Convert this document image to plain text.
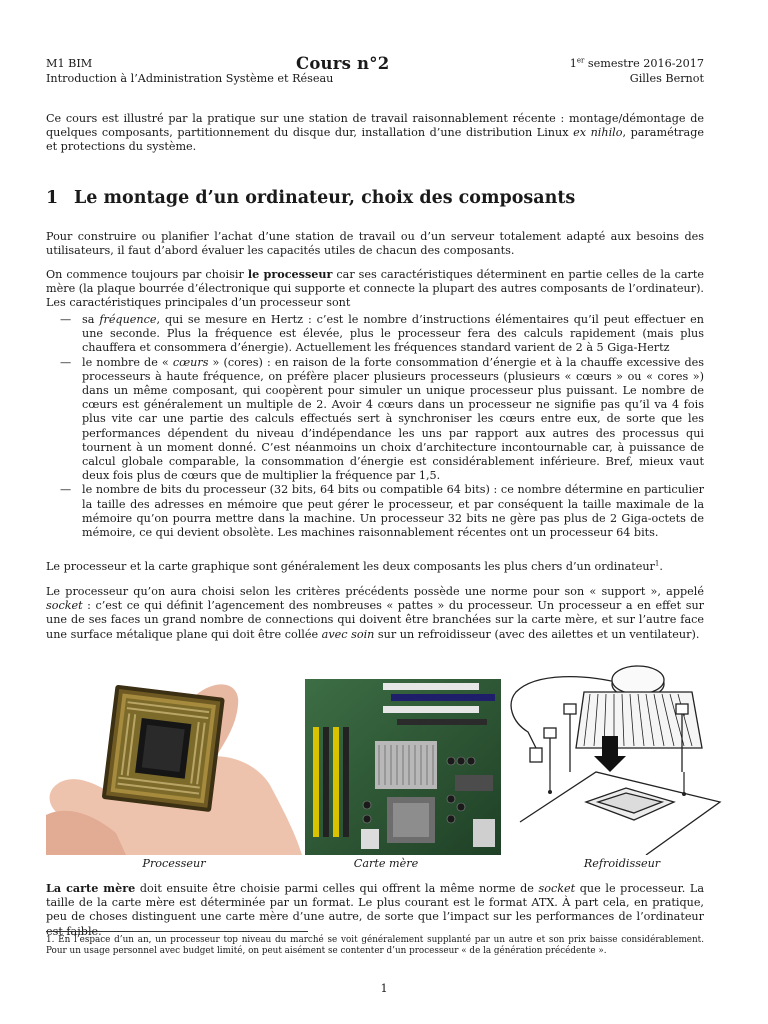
M1 BIM
Introduction à l’Administration Système et Réseau
Cours n°2	1er semestre 2016-2017
Gilles Bernot

Ce cours est illustré par la pratique sur une station de travail raisonnablement récente : montage/démontage de quelques composants, partitionnement du disque dur, installation d’une distribution Linux ex nihilo, paramétrage et protections du système.

1 Le montage d’un ordinateur, choix des composants

Pour construire ou planifier l’achat d’une station de travail ou d’un serveur totalement adapté aux besoins des utilisateurs, il faut d’abord évaluer les capacités utiles de chacun des composants.

On commence toujours par choisir le processeur car ses caractéristiques déterminent en partie celles de la carte mère (la plaque bourrée d’électronique qui supporte et connecte la plupart des autres composants de l’ordinateur). Les caractéristiques principales d’un processeur sont

— sa fréquence, qui se mesure en Hertz : c’est le nombre d’instructions élémentaires qu’il peut effectuer en une seconde. Plus la fréquence est élevée, plus le processeur fera des calculs rapidement (mais plus chauffera et consommera d’énergie). Actuellement les fréquences standard varient de 2 à 5 Giga-Hertz
— le nombre de « cœurs » (cores) : en raison de la forte consommation d’énergie et à la chauffe excessive des processeurs à haute fréquence, on préfère placer plusieurs processeurs (plusieurs « cœurs » ou « cores ») dans un même composant, qui coopèrent pour simuler un unique processeur plus puissant. Le nombre de cœurs est généralement un multiple de 2. Avoir 4 cœurs dans un processeur ne signifie pas qu’il va 4 fois plus vite car une partie des calculs effectués sert à synchroniser les cœurs entre eux, de sorte que les performances dépendent du niveau d’indépendance les uns par rapport aux autres des processus qui tournent à un moment donné. C’est néanmoins un choix d’architecture incontournable car, à puissance de calcul globale comparable, la consommation d’énergie est considérablement inférieure. Bref, mieux vaut deux fois plus de cœurs que de multiplier la fréquence par 1,5.
— le nombre de bits du processeur (32 bits, 64 bits ou compatible 64 bits) : ce nombre détermine en particulier la taille des adresses en mémoire que peut gérer le processeur, et par conséquent la taille maximale de la mémoire qu’on pourra mettre dans la machine. Un processeur 32 bits ne gère pas plus de 2 Giga-octets de mémoire, ce qui devient obsolète. Les machines raisonnablement récentes ont un processeur 64 bits.

Le processeur et la carte graphique sont généralement les deux composants les plus chers d’un ordinateur$^1$.

Le processeur qu’on aura choisi selon les critères précédents possède une norme pour son « support », appelé socket : c’est ce qui définit l’agencement des nombreuses « pattes » du processeur. Un processeur a en effet sur une de ses faces un grand nombre de connections qui doivent être branchées sur la carte mère, et sur l’autre face une surface métalique plane qui doit être collée avec soin sur un refroidisseur (avec des ailettes et un ventilateur).

Processeur	Carte mère	Refroidisseur

La carte mère doit ensuite être choisie parmi celles qui offrent la même norme de socket que le processeur. La taille de la carte mère est déterminée par un format. Le plus courant est le format ATX. À part cela, en pratique, peu de choses distinguent une carte mère d’une autre, de sorte que l’impact sur les performances de l’ordinateur est faible.

1. En l’espace d’un an, un processeur top niveau du marché se voit généralement supplanté par un autre et son prix baisse considérablement. Pour un usage personnel avec budget limité, on peut aisément se contenter d’un processeur « de la génération précédente ».
1
